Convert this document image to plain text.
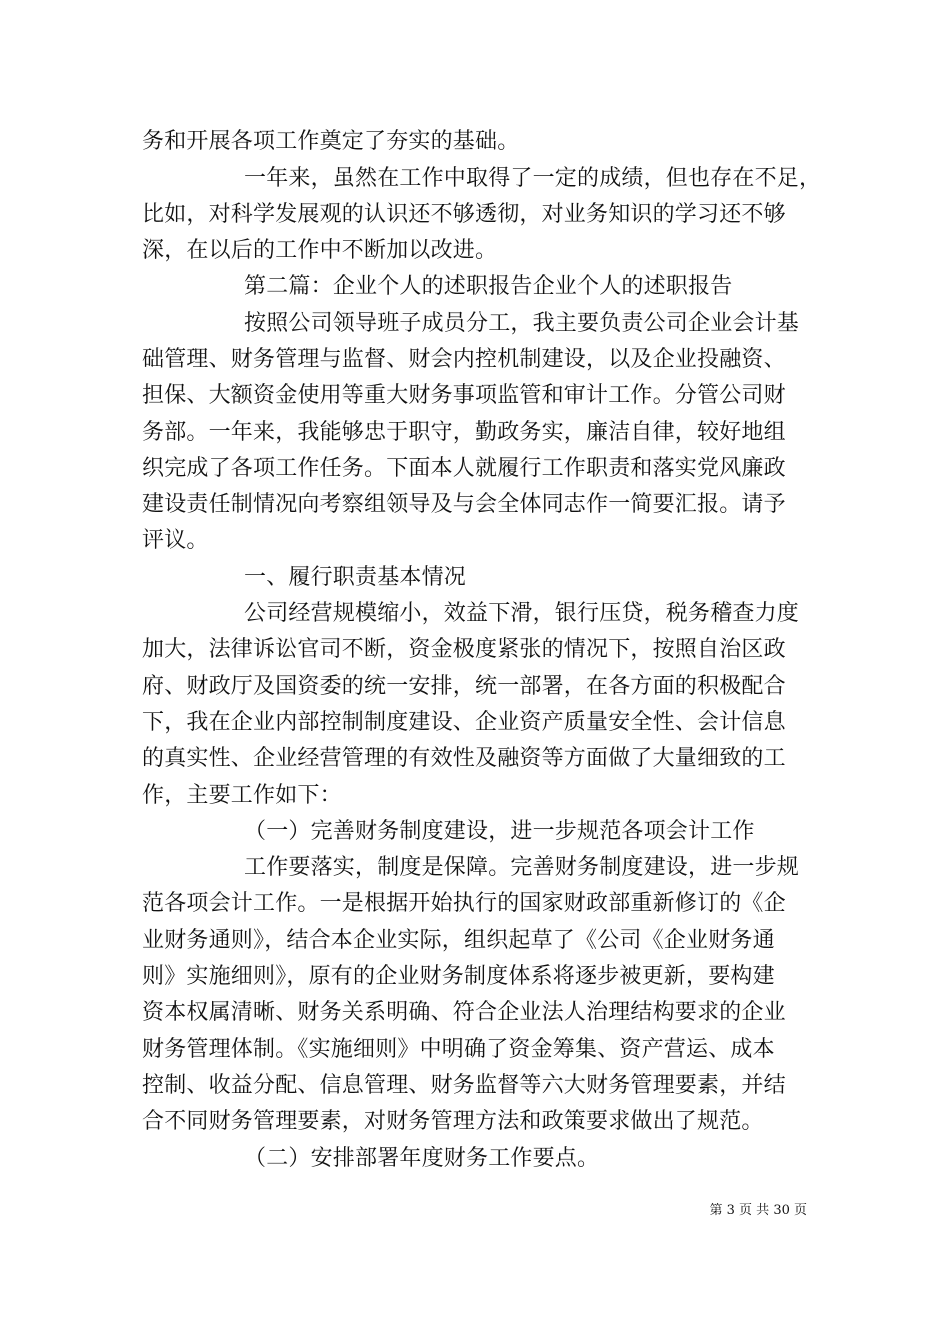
务和开展各项工作奠定了夯实的基础。
一年来，虽然在工作中取得了一定的成绩，但也存在不足，
比如，对科学发展观的认识还不够透彻，对业务知识的学习还不够
深，在以后的工作中不断加以改进。
第二篇：企业个人的述职报告企业个人的述职报告
按照公司领导班子成员分工，我主要负责公司企业会计基
础管理、财务管理与监督、财会内控机制建设，以及企业投融资、
担保、大额资金使用等重大财务事项监管和审计工作。分管公司财
务部。一年来，我能够忠于职守，勤政务实，廉洁自律，较好地组
织完成了各项工作任务。下面本人就履行工作职责和落实党风廉政
建设责任制情况向考察组领导及与会全体同志作一简要汇报。请予
评议。
一、履行职责基本情况
公司经营规模缩小，效益下滑，银行压贷，税务稽查力度
加大，法律诉讼官司不断，资金极度紧张的情况下，按照自治区政
府、财政厅及国资委的统一安排，统一部署，在各方面的积极配合
下，我在企业内部控制制度建设、企业资产质量安全性、会计信息
的真实性、企业经营管理的有效性及融资等方面做了大量细致的工
作，主要工作如下：
（一）完善财务制度建设，进一步规范各项会计工作
工作要落实，制度是保障。完善财务制度建设，进一步规
范各项会计工作。一是根据开始执行的国家财政部重新修订的《企
业财务通则》，结合本企业实际，组织起草了《公司《企业财务通
则》实施细则》，原有的企业财务制度体系将逐步被更新，要构建
资本权属清晰、财务关系明确、符合企业法人治理结构要求的企业
财务管理体制。《实施细则》中明确了资金筹集、资产营运、成本
控制、收益分配、信息管理、财务监督等六大财务管理要素，并结
合不同财务管理要素，对财务管理方法和政策要求做出了规范。
（二）安排部署年度财务工作要点。
第 3 页 共 30 页
